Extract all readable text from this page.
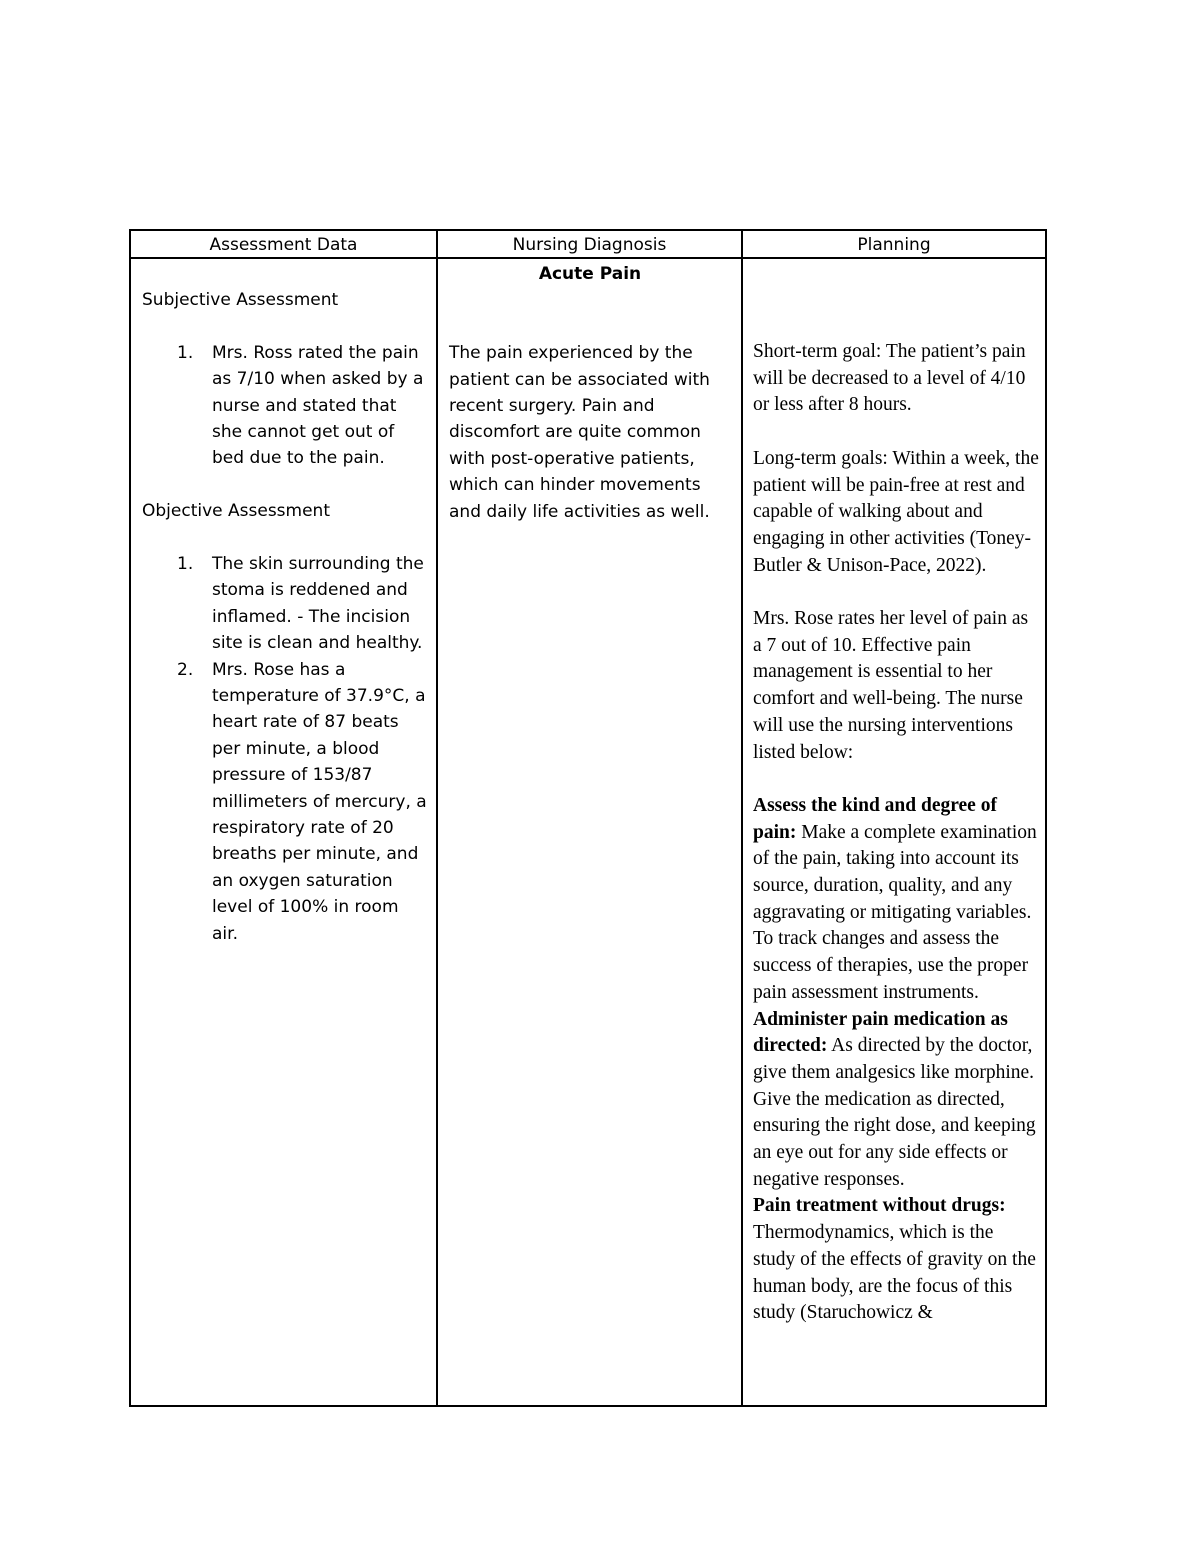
Assessment Data	Nursing Diagnosis	Planning

Subjective Assessment

1. Mrs. Ross rated the pain as 7/10 when asked by a nurse and stated that she cannot get out of bed due to the pain.

Objective Assessment

1. The skin surrounding the stoma is reddened and inflamed. - The incision site is clean and healthy.
2. Mrs. Rose has a temperature of 37.9°C, a heart rate of 87 beats per minute, a blood pressure of 153/87 millimeters of mercury, a respiratory rate of 20 breaths per minute, and an oxygen saturation level of 100% in room air.

Acute Pain

The pain experienced by the patient can be associated with recent surgery. Pain and discomfort are quite common with post-operative patients, which can hinder movements and daily life activities as well.

Short-term goal: The patient’s pain will be decreased to a level of 4/10 or less after 8 hours.

Long-term goals: Within a week, the patient will be pain-free at rest and capable of walking about and engaging in other activities (Toney-Butler & Unison-Pace, 2022).

Mrs. Rose rates her level of pain as a 7 out of 10. Effective pain management is essential to her comfort and well-being. The nurse will use the nursing interventions listed below:

Assess the kind and degree of pain: Make a complete examination of the pain, taking into account its source, duration, quality, and any aggravating or mitigating variables. To track changes and assess the success of therapies, use the proper pain assessment instruments.

Administer pain medication as directed: As directed by the doctor, give them analgesics like morphine. Give the medication as directed, ensuring the right dose, and keeping an eye out for any side effects or negative responses.

Pain treatment without drugs: Thermodynamics, which is the study of the effects of gravity on the human body, are the focus of this study (Staruchowicz &
